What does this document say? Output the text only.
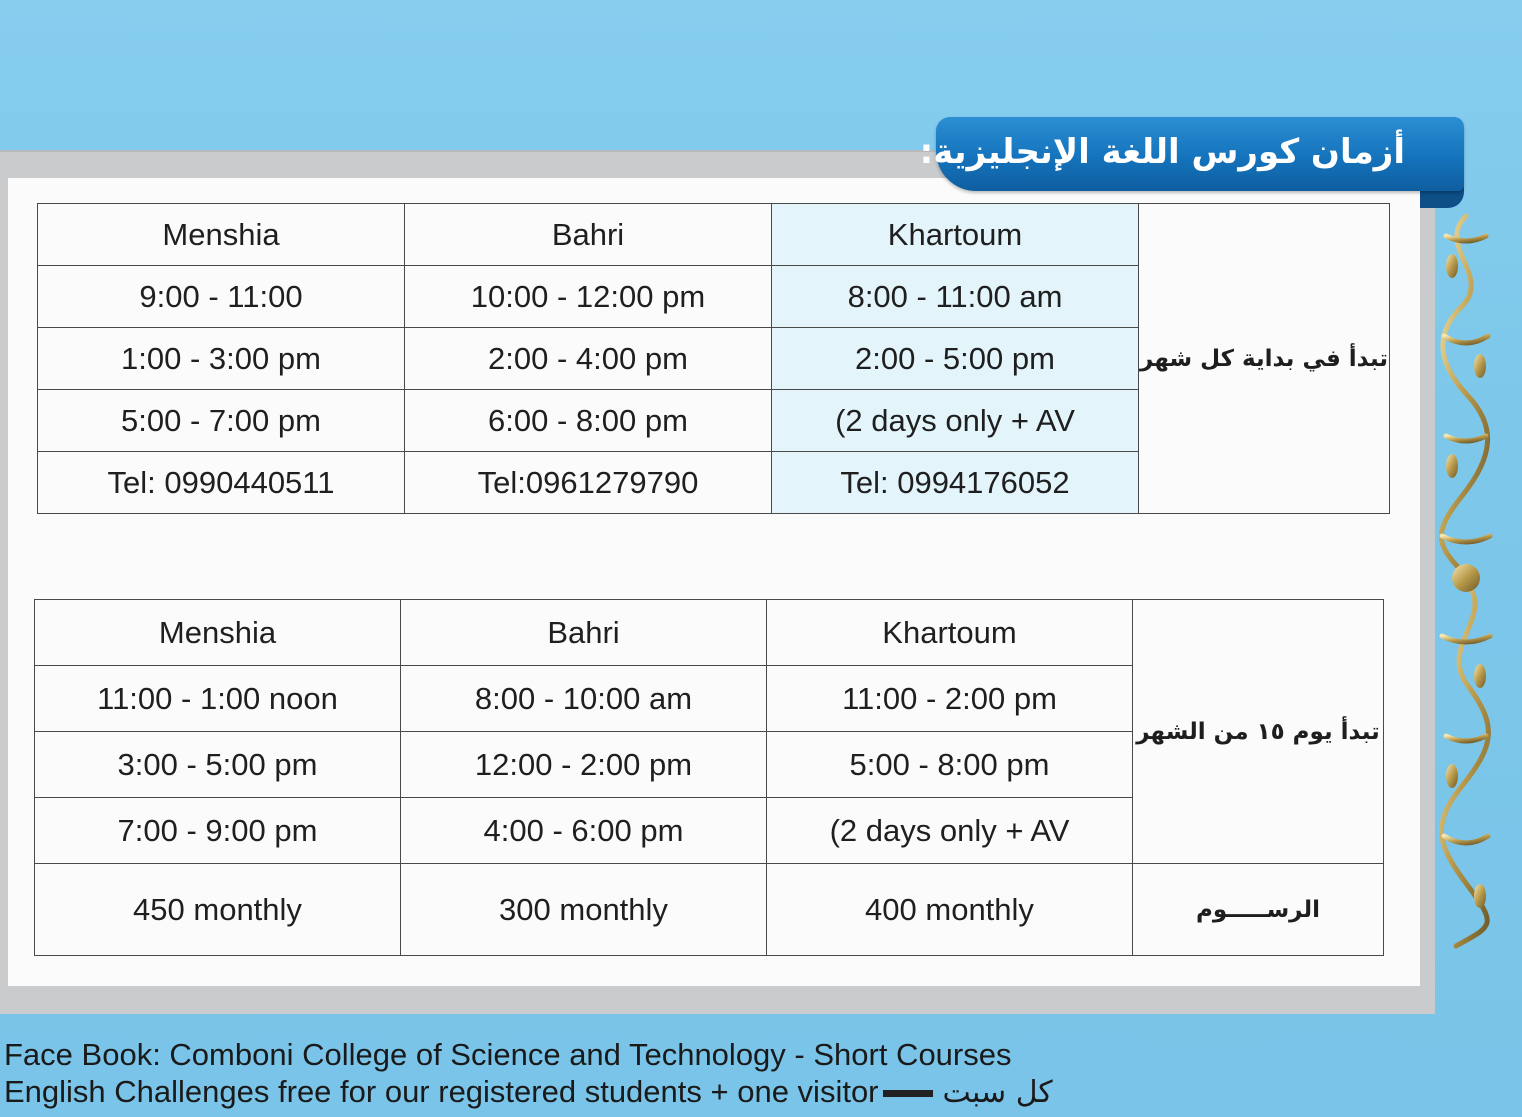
أزمان كورس اللغة الإنجليزية:
Menshia	Bahri	Khartoum	تبدأ في بداية كل شهر
9:00 - 11:00	10:00 - 12:00 pm	8:00 - 11:00 am	
1:00 - 3:00 pm	2:00 - 4:00 pm	2:00 - 5:00 pm	
5:00 - 7:00 pm	6:00 - 8:00 pm	(2 days only + AV	
Tel: 0990440511	Tel:0961279790	Tel: 0994176052	
Menshia	Bahri	Khartoum	تبدأ يوم ١٥ من الشهر
11:00 - 1:00 noon	8:00 - 10:00 am	11:00 - 2:00 pm	
3:00 - 5:00 pm	12:00 - 2:00 pm	5:00 - 8:00 pm	
7:00 - 9:00 pm	4:00 - 6:00 pm	(2 days only + AV	
450 monthly	300 monthly	400 monthly	الرســـــوم
Face Book: Comboni College of Science and Technology - Short Courses
English Challenges free for our registered students + one visitor كل سبت
